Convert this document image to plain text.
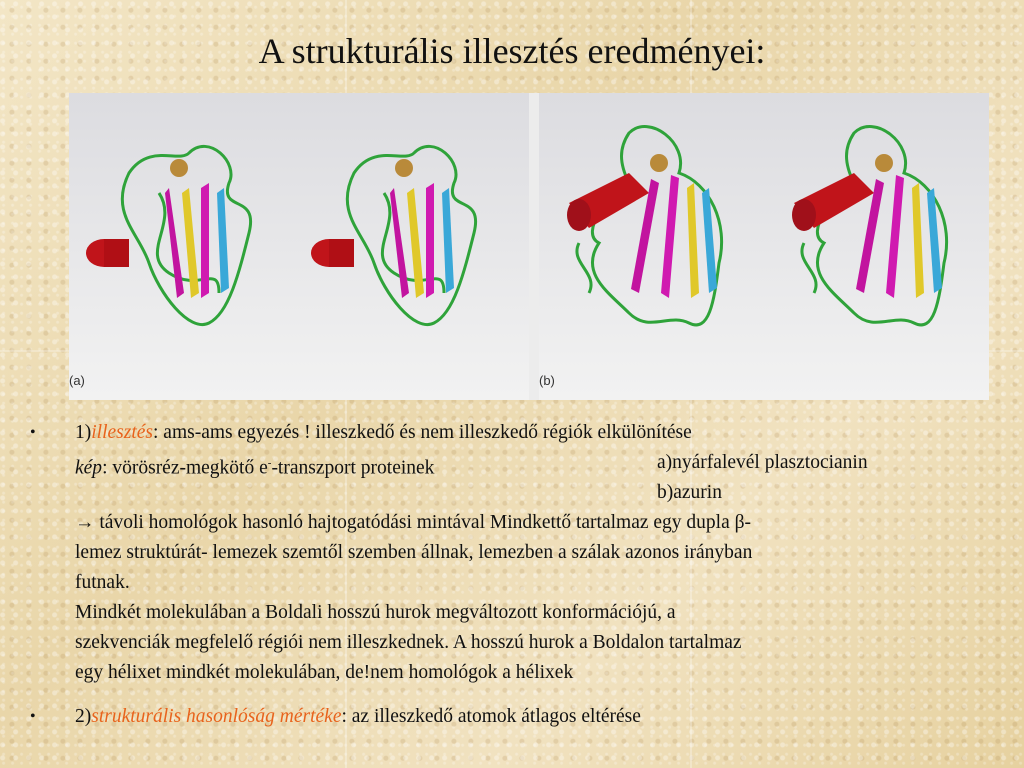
A strukturális illesztés eredményei:
(a)	(b)
• 1)illesztés: ams-ams egyezés ! illeszkedő és nem illeszkedő régiók elkülönítése
kép: vörösréz-megkötő e--transzport proteinek	a)nyárfalevél plasztocianin
b)azurin
→ távoli homológok hasonló hajtogatódási mintával Mindkettő tartalmaz egy dupla β-
lemez struktúrát- lemezek szemtől szemben állnak, lemezben a szálak azonos irányban
futnak.
Mindkét molekulában a Boldali hosszú hurok megváltozott konformációjú, a
szekvenciák megfelelő régiói nem illeszkednek. A hosszú hurok a Boldalon tartalmaz
egy hélixet mindkét molekulában, de!nem homológok a hélixek
• 2)strukturális hasonlóság mértéke: az illeszkedő atomok átlagos eltérése
